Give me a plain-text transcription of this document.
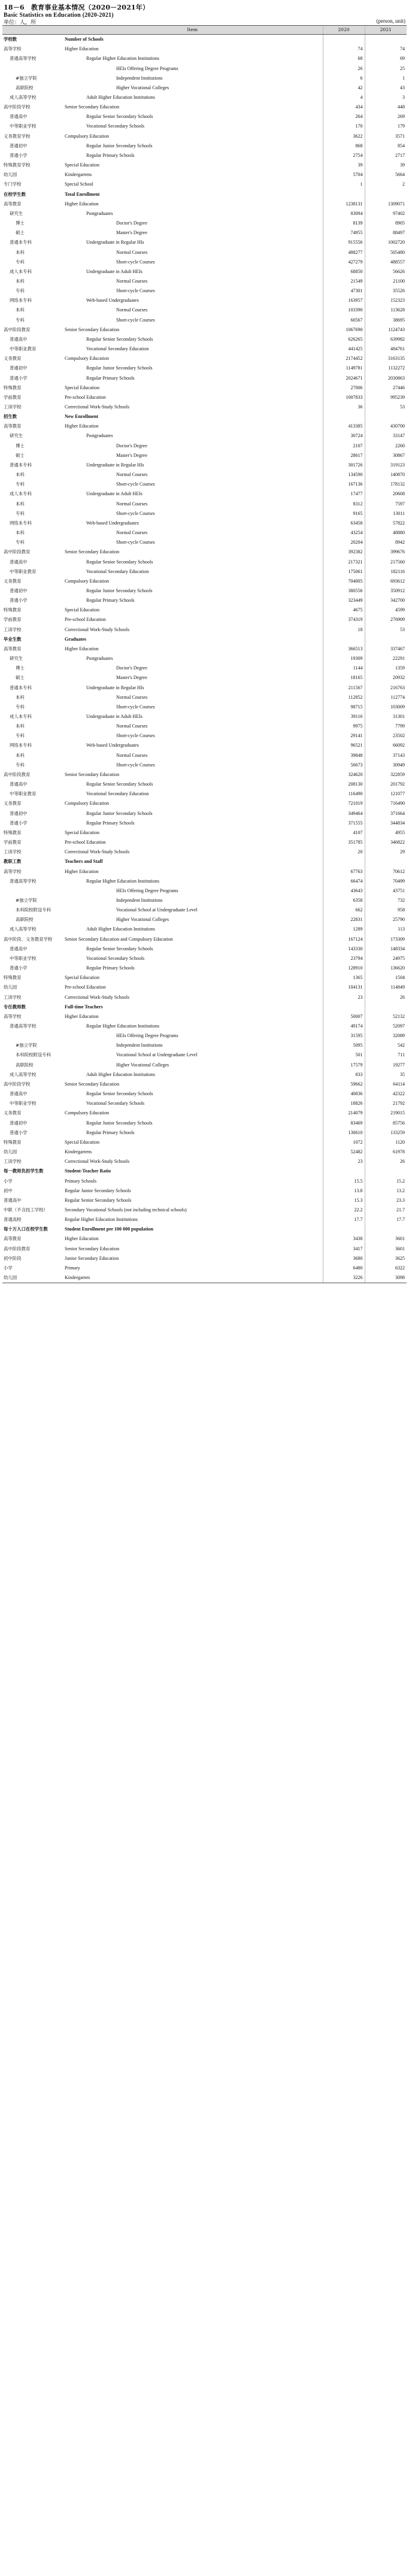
18－6　教育事业基本情况（2020－2021年）
Basic Statistics on Education (2020-2021)
单位：人，所	(person, unit)
	Item	2020	2021
学校数	Number of Schools		
高等学校	Higher Education	74	74
普通高等学校	Regular Higher Education Institutions	68	69
	HEIs Offering Degree Programs	26	25
#独立学院	Independent Institutions	6	1
高职院校	Higher Vocational Colleges	42	43
成人高等学校	Adult Higher Education Institutions	4	3
高中阶段学校	Senior Secondary Education	434	448
普通高中	Regular Senior Secondary Schools	264	269
中等职业学校	Vocational Secondary Schools	170	179
义务教育学校	Compulsory Education	3622	3571
普通初中	Regular Junior Secondary Schools	868	854
普通小学	Regular Primary Schools	2754	2717
特殊教育学校	Special Education	39	39
幼儿园	Kindergartens	5704	5664
专门学校	Special School	1	2
在校学生数	Total Enrollment		
高等教育	Higher Education	1238131	1309071
研究生	Postgraduates	83094	97402
博士	Doctor's Degree	8139	8905
硕士	Master's Degree	74955	88497
普通本专科	Undergraduate in Regular HIs	915556	1002720
本科	Normal Courses	488277	505480
专科	Short-cycle Courses	427279	488557
成人本专科	Undergraduate in Adult HEIs	68850	56626
本科	Normal Courses	21549	21100
专科	Short-cycle Courses	47301	35526
网络本专科	Web-based Undergraduates	163957	152323
本科	Normal Courses	103390	113628
专科	Short-cycle Courses	60567	38695
高中阶段教育	Senior Secondary Education	1067690	1124743
普通高中	Regular Senior Secondary Schools	626265	639982
中等职业教育	Vocational Secondary Education	441425	484761
义务教育	Compulsory Education	2174452	3163135
普通初中	Regular Junior Secondary Schools	1149781	1132272
普通小学	Regular Primary Schools	2024671	2030863
特殊教育	Special Education	27006	27446
学前教育	Pre-school Education	1007833	995239
工读学校	Correctional Work-Study Schools	36	53
招生数	New Enrollment		
高等教育	Higher Education	413385	430700
研究生	Postgraduates	30724	33147
博士	Doctor's Degree	2107	2260
硕士	Master's Degree	28617	30867
普通本专科	Undergraduate in Regular HIs	301726	319123
本科	Normal Courses	134590	140870
专科	Short-cycle Courses	167136	178132
成人本专科	Undergraduate in Adult HEIs	17477	20608
本科	Normal Courses	8312	7597
专科	Short-cycle Courses	9165	13011
网络本专科	Web-based Undergraduates	63458	57822
本科	Normal Courses	43254	48880
专科	Short-cycle Courses	20204	8942
高中阶段教育	Senior Secondary Education	392382	399676
普通高中	Regular Senior Secondary Schools	217321	217560
中等职业教育	Vocational Secondary Education	175061	182116
义务教育	Compulsory Education	704005	693612
普通初中	Regular Junior Secondary Schools	380556	350912
普通小学	Regular Primary Schools	323449	342700
特殊教育	Special Education	4675	4599
学前教育	Pre-school Education	374319	276909
工读学校	Correctional Work-Study Schools	18	53
毕业生数	Graduates		
高等教育	Higher Education	366513	337467
研究生	Postgraduates	19309	22291
博士	Doctor's Degree	1144	1359
硕士	Master's Degree	18165	20932
普通本专科	Undergraduate in Regular HIs	211567	216763
本科	Normal Courses	112852	112774
专科	Short-cycle Courses	98715	103009
成人本专科	Undergraduate in Adult HEIs	39116	31301
本科	Normal Courses	9975	7799
专科	Short-cycle Courses	29141	23502
网络本专科	Web-based Undergraduates	96521	66092
本科	Normal Courses	39848	37143
专科	Short-cycle Courses	56673	30949
高中阶段教育	Senior Secondary Education	324620	322859
普通高中	Regular Senior Secondary Schools	208130	201792
中等职业教育	Vocational Secondary Education	116490	121077
义务教育	Compulsory Education	721019	716490
普通初中	Regular Junior Secondary Schools	349464	371664
普通小学	Regular Primary Schools	371555	344834
特殊教育	Special Education	4107	4955
学前教育	Pre-school Education	351785	346822
工读学校	Correctional Work-Study Schools	20	29
教职工数	Teachers and Staff		
高等学校	Higher Education	67763	70612
普通高等学校	Regular Higher Education Institutions	66474	70499
	HEIs Offering Degree Programs	43643	43751
#独立学院	Independent Institutions	6358	732
本科院校附设专科	Vocational School at Undergraduate Level	662	958
高职院校	Higher Vocational Colleges	22831	25790
成人高等学校	Adult Higher Education Institutions	1289	113
高中阶段、义务教育学校	Senior Secondary Education and Compulsory Education	167124	173309
普通高中	Regular Senior Secondary Schools	143330	148334
中等职业学校	Vocational Secondary Schools	23794	24975
普通小学	Regular Primary Schools	128910	136620
特殊教育	Special Education	1365	1504
幼儿园	Pre-school Education	104131	114849
工读学校	Correctional Work-Study Schools	23	26
专任教师数	Full-time Teachers		
高等学校	Higher Education	50007	52132
普通高等学校	Regular Higher Education Institutions	49174	52097
	HEIs Offering Degree Programs	31595	32089
#独立学院	Independent Institutions	5095	542
本科院校附设专科	Vocational School at Undergraduate Level	501	711
高职院校	Higher Vocational Colleges	17579	19277
成人高等学校	Adult Higher Education Institutions	833	35
高中阶段学校	Senior Secondary Education	59662	64114
普通高中	Regular Senior Secondary Schools	40836	42322
中等职业学校	Vocational Secondary Schools	18826	21792
义务教育	Compulsory Education	214079	219015
普通初中	Regular Junior Secondary Schools	83469	85756
普通小学	Regular Primary Schools	130610	133259
特殊教育	Special Education	1072	1120
幼儿园	Kindergartens	52482	61978
工读学校	Correctional Work-Study Schools	23	26
每一教师负担学生数	Student-Teacher Ratio		
小学	Primary Schools	15.5	15.2
初中	Regular Junior Secondary Schools	13.8	13.2
普通高中	Regular Senior Secondary Schools	15.3	23.3
中职（不含技工学校）	Secondary Vocational Schools (not including technical schools)	22.2	21.7
普通高校	Regular Higher Education Institutions	17.7	17.7
每十万人口在校学生数	Student Enrollment per 100 000 population		
高等教育	Higher Education	3438	3601
高中阶段教育	Senior Secondary Education	3417	3601
初中阶段	Junior Secondary Education	3680	3625
小学	Primary	6480	6322
幼儿园	Kindergarten	3226	3098
